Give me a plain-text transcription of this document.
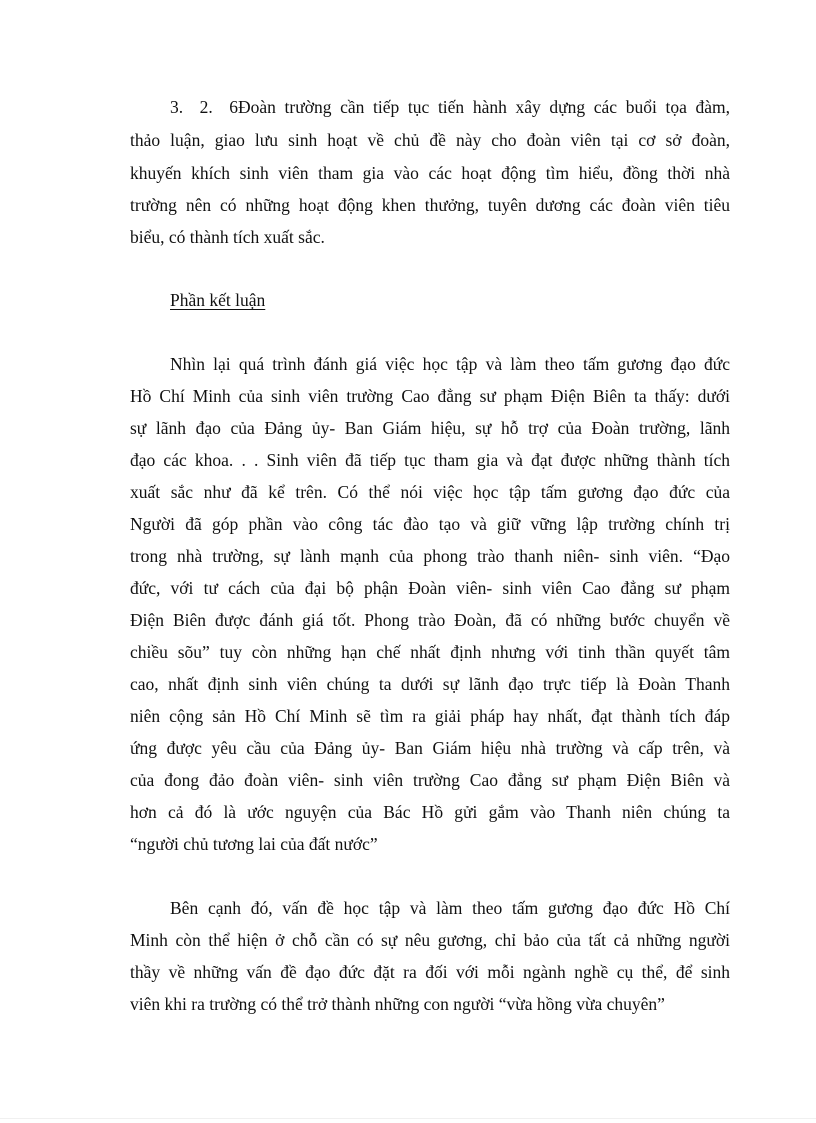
3. 2. 6Đoàn trường cần tiếp tục tiến hành xây dựng các buổi tọa đàm,
thảo luận, giao lưu sinh hoạt về chủ đề này cho đoàn viên tại cơ sở đoàn,
khuyến khích sinh viên tham gia vào các hoạt động tìm hiểu, đồng thời nhà
trường nên có những hoạt động khen thưởng, tuyên dương các đoàn viên tiêu
biểu, có thành tích xuất sắc.
Phần kết luận
Nhìn lại quá trình đánh giá việc học tập và làm theo tấm gương đạo đức
Hồ Chí Minh của sinh viên trường Cao đẳng sư phạm Điện Biên ta thấy: dưới
sự lãnh đạo của Đảng ủy- Ban Giám hiệu, sự hỗ trợ của Đoàn trường, lãnh
đạo các khoa. . . Sinh viên đã tiếp tục tham gia và đạt được những thành tích
xuất sắc như đã kể trên. Có thể nói việc học tập tấm gương đạo đức của
Người đã góp phần vào công tác đào tạo và giữ vững lập trường chính trị
trong nhà trường, sự lành mạnh của phong trào thanh niên- sinh viên. “Đạo
đức, với tư cách của đại bộ phận Đoàn viên- sinh viên Cao đẳng sư phạm
Điện Biên được đánh giá tốt. Phong trào Đoàn, đã có những bước chuyển về
chiều sõu” tuy còn những hạn chế nhất định nhưng với tinh thần quyết tâm
cao, nhất định sinh viên chúng ta dưới sự lãnh đạo trực tiếp là Đoàn Thanh
niên cộng sản Hồ Chí Minh sẽ tìm ra giải pháp hay nhất, đạt thành tích đáp
ứng được yêu cầu của Đảng ủy- Ban Giám hiệu nhà trường và cấp trên, và
của đong đảo đoàn viên- sinh viên trường Cao đẳng sư phạm Điện Biên và
hơn cả đó là ước nguyện của Bác Hồ gửi gắm vào Thanh niên chúng ta
“người chủ tương lai của đất nước”
Bên cạnh đó, vấn đề học tập và làm theo tấm gương đạo đức Hồ Chí
Minh còn thể hiện ở chỗ cần có sự nêu gương, chỉ bảo của tất cả những người
thầy về những vấn đề đạo đức đặt ra đối với mỗi ngành nghề cụ thể, để sinh
viên khi ra trường có thể trở thành những con người “vừa hồng vừa chuyên”
